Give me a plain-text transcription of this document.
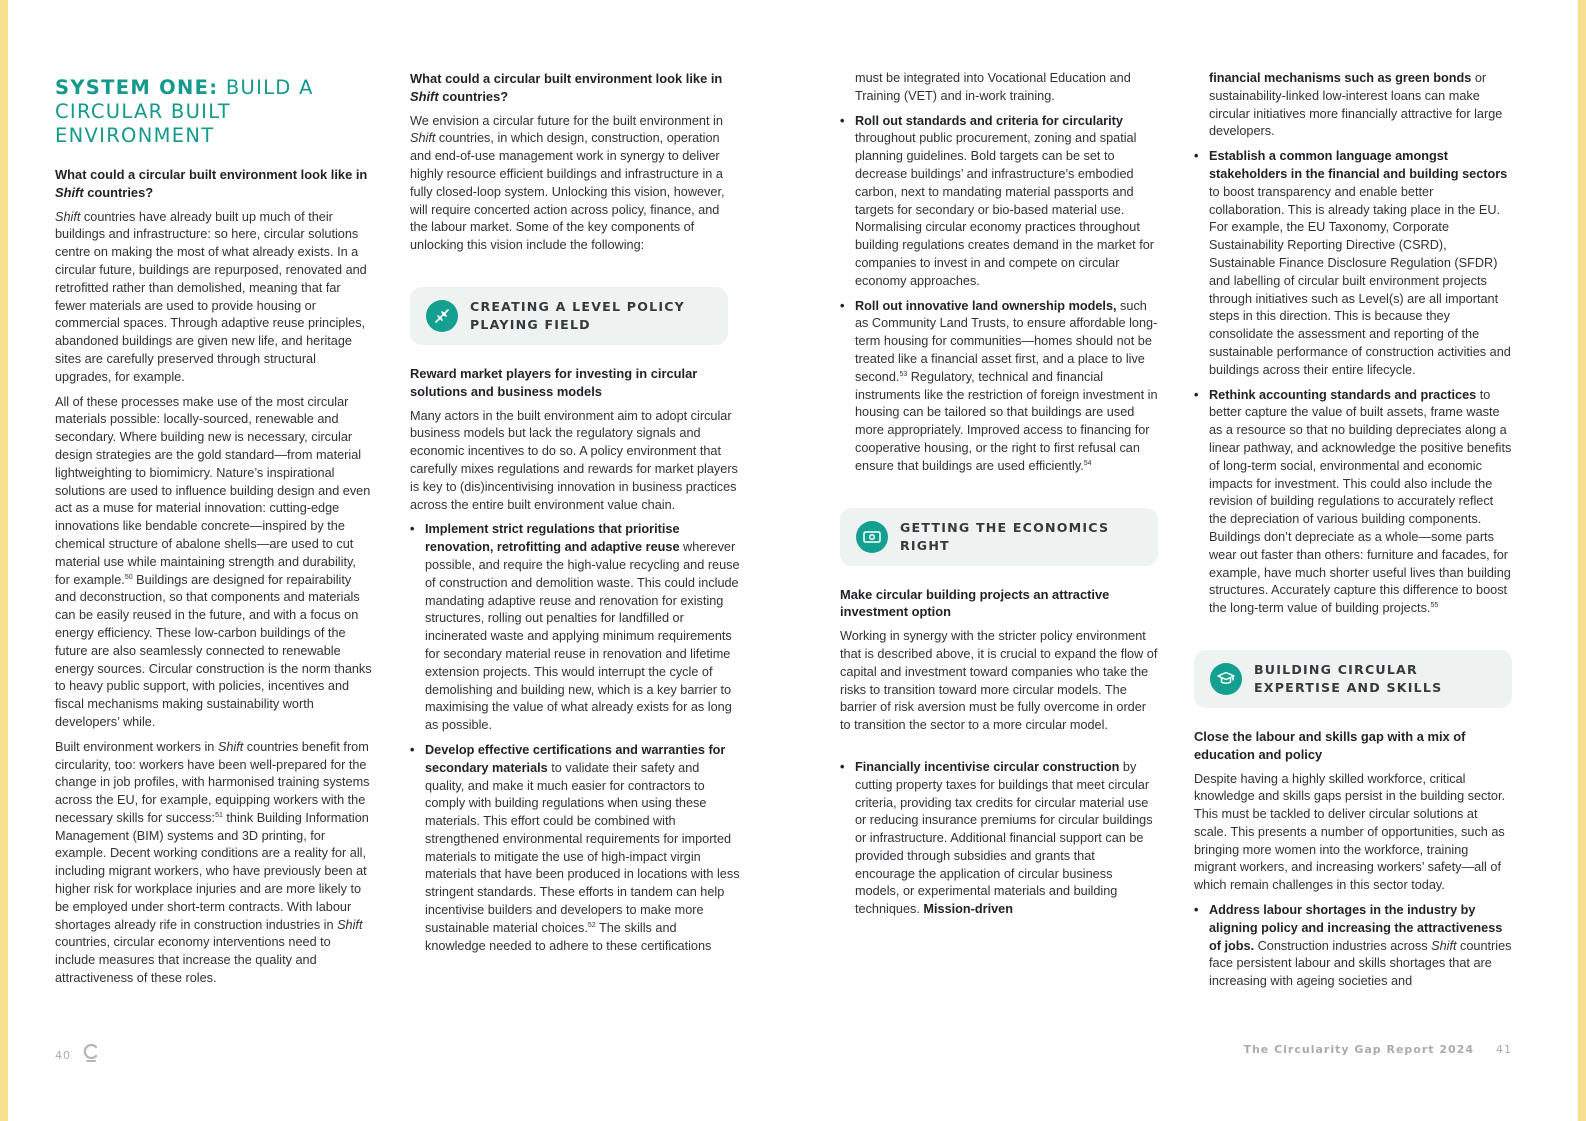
SYSTEM ONE: BUILD A CIRCULAR BUILT ENVIRONMENT
What could a circular built environment look like in Shift countries?

Shift countries have already built up much of their buildings and infrastructure: so here, circular solutions centre on making the most of what already exists. In a circular future, buildings are repurposed, renovated and retrofitted rather than demolished, meaning that far fewer materials are used to provide housing or commercial spaces. Through adaptive reuse principles, abandoned buildings are given new life, and heritage sites are carefully preserved through structural upgrades, for example.

All of these processes make use of the most circular materials possible: locally-sourced, renewable and secondary. Where building new is necessary, circular design strategies are the gold standard—from material lightweighting to biomimicry. Nature’s inspirational solutions are used to influence building design and even act as a muse for material innovation: cutting-edge innovations like bendable concrete—inspired by the chemical structure of abalone shells—are used to cut material use while maintaining strength and durability, for example.$^{50}$ Buildings are designed for repairability and deconstruction, so that components and materials can be easily reused in the future, and with a focus on energy efficiency. These low-carbon buildings of the future are also seamlessly connected to renewable energy sources. Circular construction is the norm thanks to heavy public support, with policies, incentives and fiscal mechanisms making sustainability worth developers’ while.

Built environment workers in Shift countries benefit from circularity, too: workers have been well-prepared for the change in job profiles, with harmonised training systems across the EU, for example, equipping workers with the necessary skills for success:$^{51}$ think Building Information Management (BIM) systems and 3D printing, for example. Decent working conditions are a reality for all, including migrant workers, who have previously been at higher risk for workplace injuries and are more likely to be employed under short-term contracts. With labour shortages already rife in construction industries in Shift countries, circular economy interventions need to include measures that increase the quality and attractiveness of these roles.

What could a circular built environment look like in Shift countries?

We envision a circular future for the built environment in Shift countries, in which design, construction, operation and end-of-use management work in synergy to deliver highly resource efficient buildings and infrastructure in a fully closed-loop system. Unlocking this vision, however, will require concerted action across policy, finance, and the labour market. Some of the key components of unlocking this vision include the following:

CREATING A LEVEL POLICY PLAYING FIELD
Reward market players for investing in circular solutions and business models

Many actors in the built environment aim to adopt circular business models but lack the regulatory signals and economic incentives to do so. A policy environment that carefully mixes regulations and rewards for market players is key to (dis)incentivising innovation in business practices across the entire built environment value chain.

• Implement strict regulations that prioritise renovation, retrofitting and adaptive reuse wherever possible, and require the high-value recycling and reuse of construction and demolition waste. This could include mandating adaptive reuse and renovation for existing structures, rolling out penalties for landfilled or incinerated waste and applying minimum requirements for secondary material reuse in renovation and lifetime extension projects. This would interrupt the cycle of demolishing and building new, which is a key barrier to maximising the value of what already exists for as long as possible.
• Develop effective certifications and warranties for secondary materials to validate their safety and quality, and make it much easier for contractors to comply with building regulations when using these materials. This effort could be combined with strengthened environmental requirements for imported materials to mitigate the use of high-impact virgin materials that have been produced in locations with less stringent standards. These efforts in tandem can help incentivise builders and developers to make more sustainable material choices.$^{52}$ The skills and knowledge needed to adhere to these certifications

must be integrated into Vocational Education and Training (VET) and in-work training.

• Roll out standards and criteria for circularity throughout public procurement, zoning and spatial planning guidelines. Bold targets can be set to decrease buildings’ and infrastructure’s embodied carbon, next to mandating material passports and targets for secondary or bio-based material use. Normalising circular economy practices throughout building regulations creates demand in the market for companies to invest in and compete on circular economy approaches.
• Roll out innovative land ownership models, such as Community Land Trusts, to ensure affordable long-term housing for communities—homes should not be treated like a financial asset first, and a place to live second.$^{53}$ Regulatory, technical and financial instruments like the restriction of foreign investment in housing can be tailored so that buildings are used more appropriately. Improved access to financing for cooperative housing, or the right to first refusal can ensure that buildings are used efficiently.$^{54}$
GETTING THE ECONOMICS RIGHT
Make circular building projects an attractive investment option

Working in synergy with the stricter policy environment that is described above, it is crucial to expand the flow of capital and investment toward companies who take the risks to transition toward more circular models. The barrier of risk aversion must be fully overcome in order to transition the sector to a more circular model.

• Financially incentivise circular construction by cutting property taxes for buildings that meet circular criteria, providing tax credits for circular material use or reducing insurance premiums for circular buildings or infrastructure. Additional financial support can be provided through subsidies and grants that encourage the application of circular business models, or experimental materials and building techniques. Mission-driven

financial mechanisms such as green bonds or sustainability-linked low-interest loans can make circular initiatives more financially attractive for large developers.

• Establish a common language amongst stakeholders in the financial and building sectors to boost transparency and enable better collaboration. This is already taking place in the EU. For example, the EU Taxonomy, Corporate Sustainability Reporting Directive (CSRD), Sustainable Finance Disclosure Regulation (SFDR) and labelling of circular built environment projects through initiatives such as Level(s) are all important steps in this direction. This is because they consolidate the assessment and reporting of the sustainable performance of construction activities and buildings across their entire lifecycle.
• Rethink accounting standards and practices to better capture the value of built assets, frame waste as a resource so that no building depreciates along a linear pathway, and acknowledge the positive benefits of long-term social, environmental and economic impacts for investment. This could also include the revision of building regulations to accurately reflect the depreciation of various building components. Buildings don’t depreciate as a whole—some parts wear out faster than others: furniture and facades, for example, have much shorter useful lives than building structures. Accurately capture this difference to boost the long-term value of building projects.$^{55}$
BUILDING CIRCULAR EXPERTISE AND SKILLS
Close the labour and skills gap with a mix of education and policy

Despite having a highly skilled workforce, critical knowledge and skills gaps persist in the building sector. This must be tackled to deliver circular solutions at scale. This presents a number of opportunities, such as bringing more women into the workforce, training migrant workers, and increasing workers’ safety—all of which remain challenges in this sector today.

• Address labour shortages in the industry by aligning policy and increasing the attractiveness of jobs. Construction industries across Shift countries face persistent labour and skills shortages that are increasing with ageing societies and
40	The Circularity Gap Report 2024 41
